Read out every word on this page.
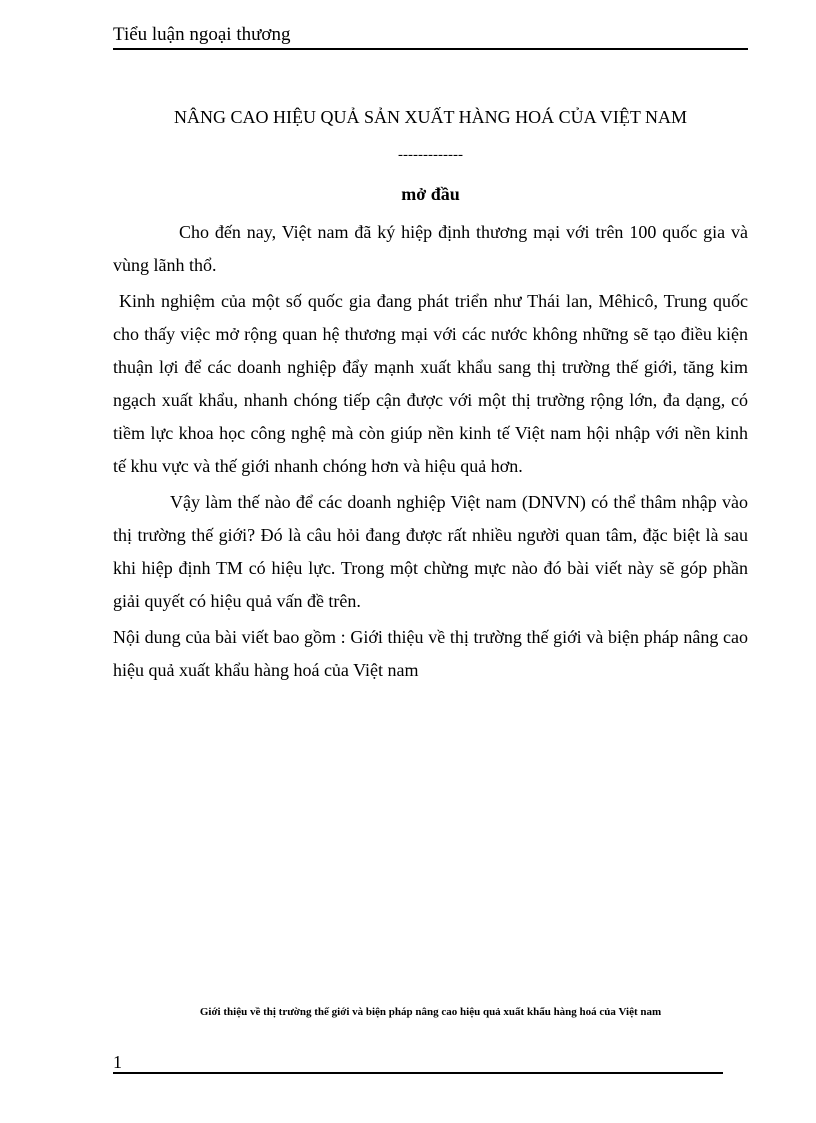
Tiểu luận ngoại thương
NÂNG CAO HIỆU QUẢ SẢN XUẤT HÀNG HOÁ CỦA VIỆT NAM
-------------
mở đầu

Cho đến nay, Việt nam đã ký hiệp định thương mại với trên 100 quốc gia và vùng lãnh thổ.

Kinh nghiệm của một số quốc gia đang phát triển như Thái lan, Mêhicô, Trung quốc cho thấy việc mở rộng quan hệ thương mại với các nước không những sẽ tạo điều kiện thuận lợi để các doanh nghiệp đẩy mạnh xuất khẩu sang thị trường thế giới, tăng kim ngạch xuất khẩu, nhanh chóng tiếp cận được với một thị trường rộng lớn, đa dạng, có tiềm lực khoa học công nghệ mà còn giúp nền kinh tế Việt nam hội nhập với nền kinh tế khu vực và thế giới nhanh chóng hơn và hiệu quả hơn.

Vậy làm thế nào để các doanh nghiệp Việt nam (DNVN) có thể thâm nhập vào thị trường thế giới? Đó là câu hỏi đang được rất nhiều người quan tâm, đặc biệt là sau khi hiệp định TM có hiệu lực. Trong một chừng mực nào đó bài viết này sẽ góp phần giải quyết có hiệu quả vấn đề trên.

Nội dung của bài viết bao gồm : Giới thiệu về thị trường thế giới và biện pháp nâng cao hiệu quả xuất khẩu hàng hoá của Việt nam

Giới thiệu về thị trường thế giới và biện pháp nâng cao hiệu quả xuất khẩu hàng hoá của Việt nam
1
